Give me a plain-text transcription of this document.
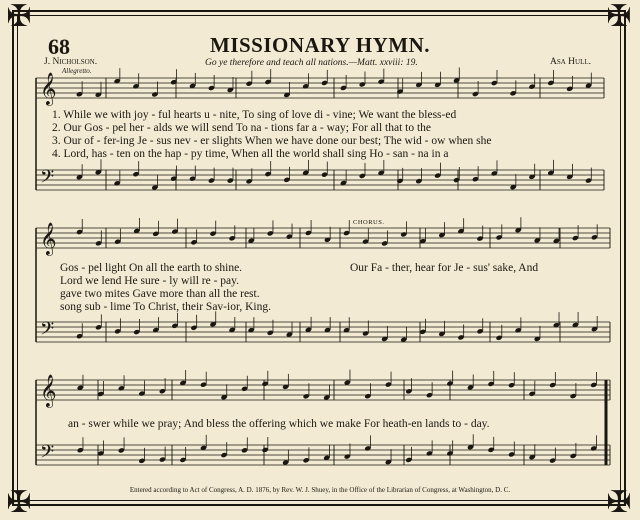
✠	✠
✠	✠
68	MISSIONARY HYMN.
J. Nicholson.
Allegretto.
Go ye therefore and teach all nations.—Matt. xxviii: 19.	Asa Hull.
𝄞
𝄢
𝄞
𝄢
𝄞
𝄢
1. While we with joy - ful hearts u - nite, To sing of love di - vine; We want the bless-ed
2. Our Gos - pel her - alds we will send To na - tions far a - way; For all that to the
3. Our of - fer-ing Je - sus nev - er slights When we have done our best; The wid - ow when she
4. Lord, has - ten on the hap - py time, When all the world shall sing Ho - san - na in a
Gos - pel light On all the earth to shine.
Lord we lend He sure - ly will re - pay.
gave two mites Gave more than all the rest.
song sub - lime To Christ, their Sav-ior, King.
CHORUS.
Our Fa - ther, hear for Je - sus' sake, And
an - swer while we pray; And bless the offering which we make For heath-en lands to - day.
Entered according to Act of Congress, A. D. 1876, by Rev. W. J. Shuey, in the Office of the Librarian of Congress, at Washington, D. C.
